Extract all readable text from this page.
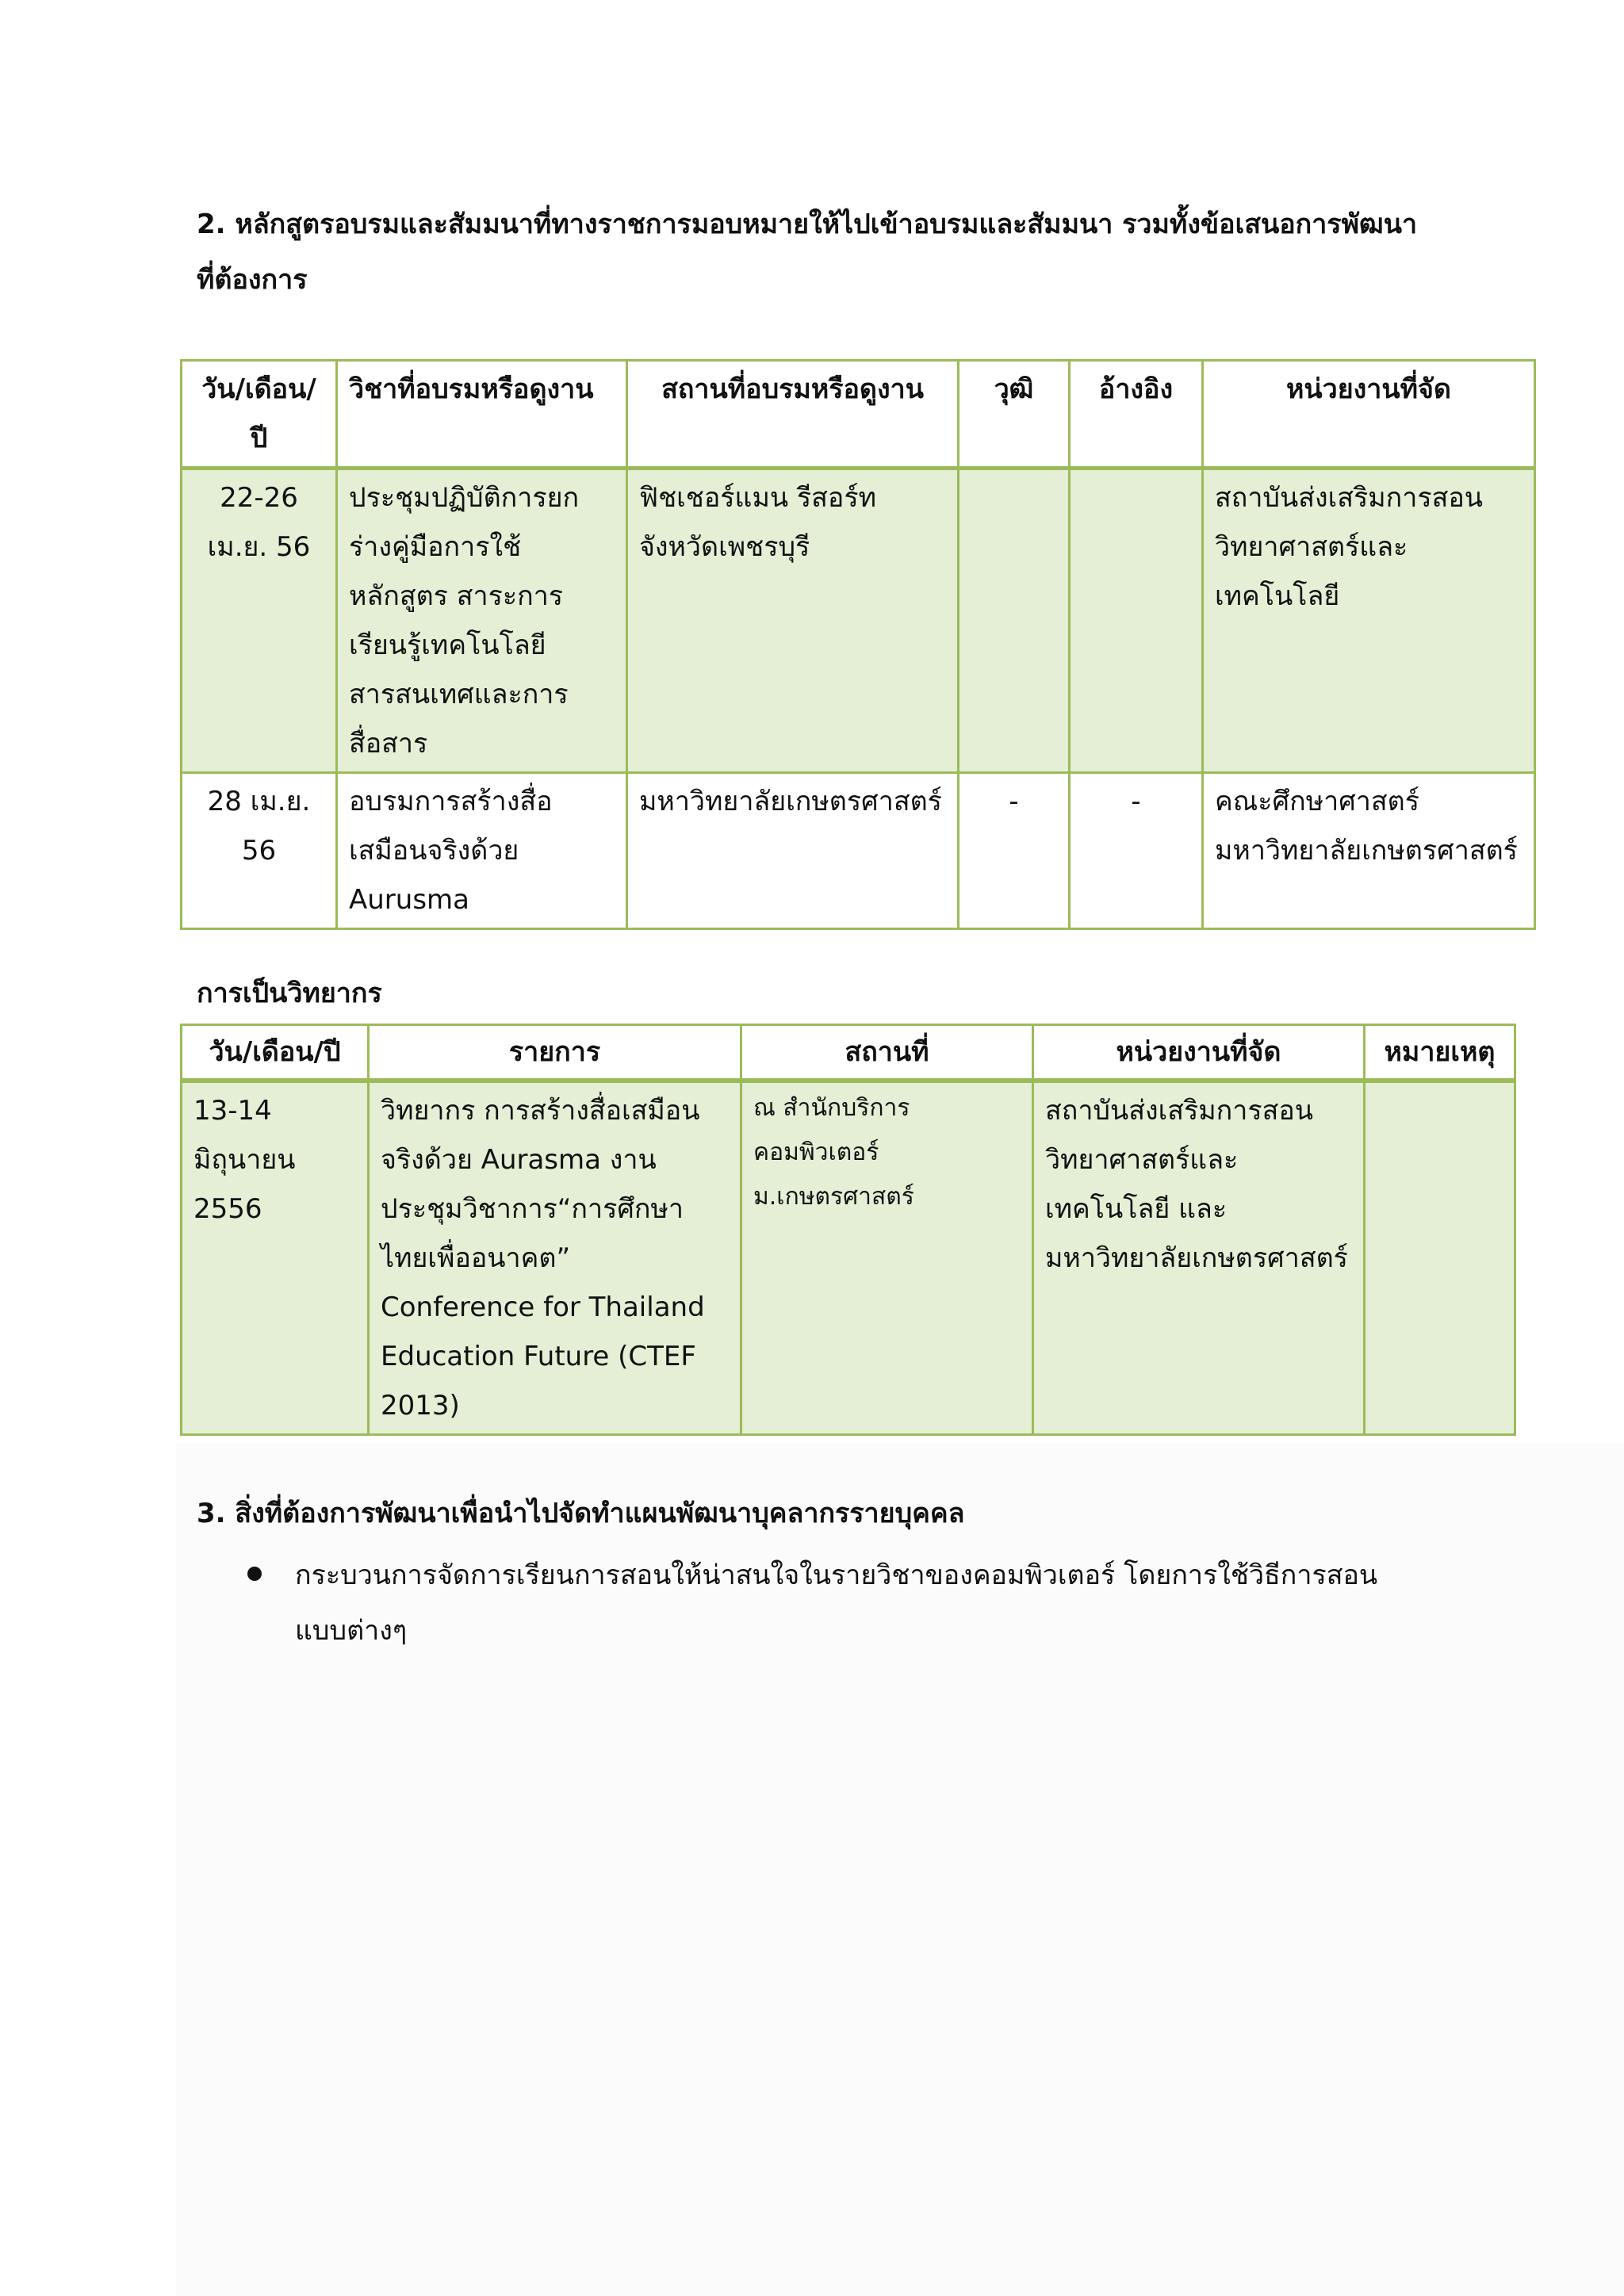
2. หลักสูตรอบรมและสัมมนาที่ทางราชการมอบหมายให้ไปเข้าอบรมและสัมมนา รวมทั้งข้อเสนอการพัฒนาที่ต้องการ
วัน/เดือน/ปี	วิชาที่อบรมหรือดูงาน	สถานที่อบรมหรือดูงาน	วุฒิ	อ้างอิง	หน่วยงานที่จัด
22-26 เม.ย. 56	ประชุมปฏิบัติการยกร่างคู่มือการใช้หลักสูตร สาระการเรียนรู้เทคโนโลยีสารสนเทศและการสื่อสาร	ฟิชเชอร์แมน รีสอร์ท จังหวัดเพชรบุรี			สถาบันส่งเสริมการสอนวิทยาศาสตร์และเทคโนโลยี
28 เม.ย. 56	อบรมการสร้างสื่อเสมือนจริงด้วย Aurusma	มหาวิทยาลัยเกษตรศาสตร์	-	-	คณะศึกษาศาสตร์ มหาวิทยาลัยเกษตรศาสตร์
การเป็นวิทยากร
วัน/เดือน/ปี	รายการ	สถานที่	หน่วยงานที่จัด	หมายเหตุ
13-14 มิถุนายน 2556	วิทยากร การสร้างสื่อเสมือนจริงด้วย Aurasma งานประชุมวิชาการ“การศึกษาไทยเพื่ออนาคต” Conference for Thailand Education Future (CTEF 2013)	ณ สำนักบริการคอมพิวเตอร์ ม.เกษตรศาสตร์	สถาบันส่งเสริมการสอนวิทยาศาสตร์และเทคโนโลยี และมหาวิทยาลัยเกษตรศาสตร์	
3. สิ่งที่ต้องการพัฒนาเพื่อนำไปจัดทำแผนพัฒนาบุคลากรรายบุคคล
กระบวนการจัดการเรียนการสอนให้น่าสนใจในรายวิชาของคอมพิวเตอร์ โดยการใช้วิธีการสอนแบบต่างๆ
